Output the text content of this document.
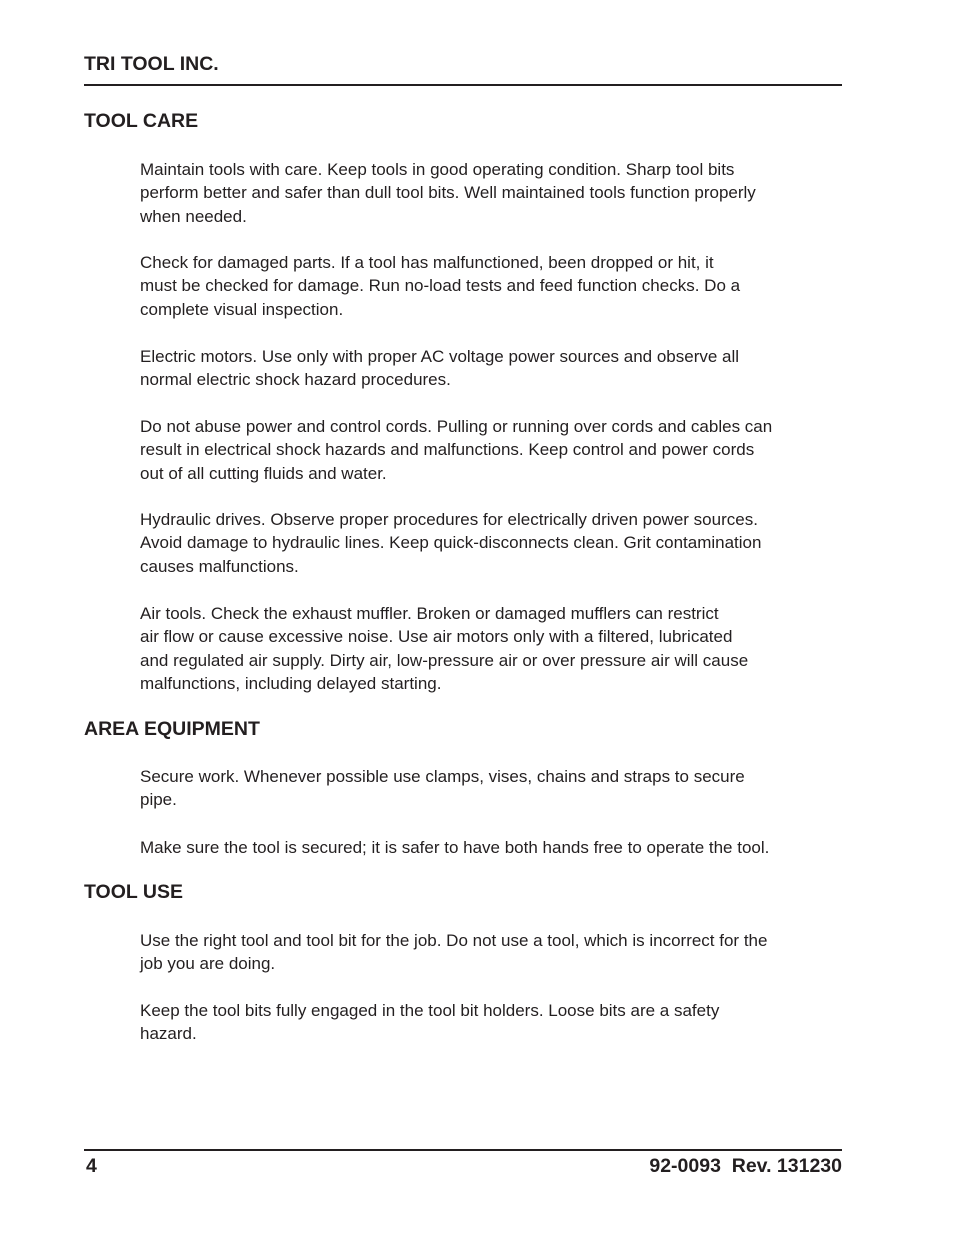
TRI TOOL INC.
TOOL CARE

Maintain tools with care. Keep tools in good operating condition. Sharp tool bits
perform better and safer than dull tool bits. Well maintained tools function properly
when needed.

Check for damaged parts. If a tool has malfunctioned, been dropped or hit, it
must be checked for damage. Run no-load tests and feed function checks. Do a
complete visual inspection.

Electric motors. Use only with proper AC voltage power sources and observe all
normal electric shock hazard procedures.

Do not abuse power and control cords. Pulling or running over cords and cables can
result in electrical shock hazards and malfunctions. Keep control and power cords
out of all cutting fluids and water.

Hydraulic drives. Observe proper procedures for electrically driven power sources.
Avoid damage to hydraulic lines. Keep quick-disconnects clean. Grit contamination
causes malfunctions.

Air tools. Check the exhaust muffler. Broken or damaged mufflers can restrict
air flow or cause excessive noise. Use air motors only with a filtered, lubricated
and regulated air supply. Dirty air, low-pressure air or over pressure air will cause
malfunctions, including delayed starting.

AREA EQUIPMENT

Secure work. Whenever possible use clamps, vises, chains and straps to secure
pipe.

Make sure the tool is secured; it is safer to have both hands free to operate the tool.

TOOL USE

Use the right tool and tool bit for the job. Do not use a tool, which is incorrect for the
job you are doing.

Keep the tool bits fully engaged in the tool bit holders. Loose bits are a safety
hazard.

4	92-0093  Rev. 131230
